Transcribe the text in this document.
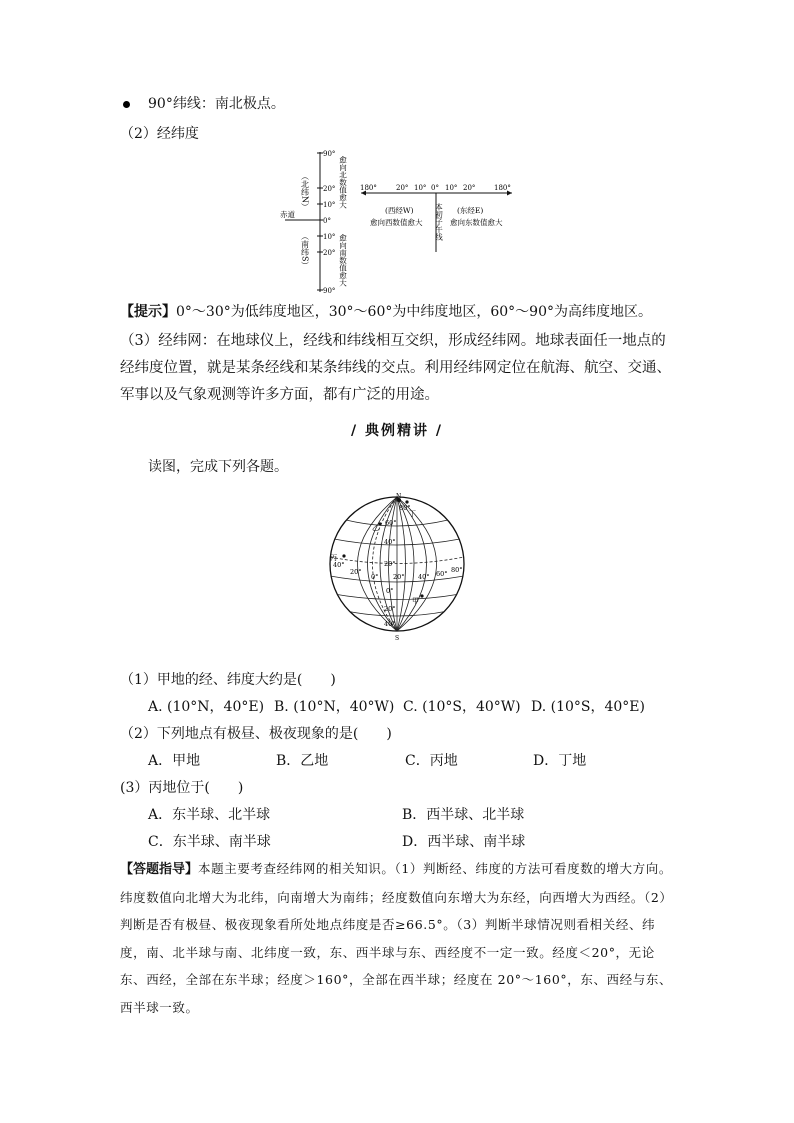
90°纬线：南北极点。
（2）经纬度
90°
20°
10°
0°
10°
20°
90°
赤道
（北纬N）
（南纬S）
愈向北数值愈大
愈向南数值愈大
180°	20° 10° 0° 10° 20°	180°
(西经W)
愈向西数值愈大
(东经E)
愈向东数值愈大
本初子午线
【提示】0°～30°为低纬度地区，30°～60°为中纬度地区，60°～90°为高纬度地区。
（3）经纬网：在地球仪上，经线和纬线相互交织，形成经纬网。地球表面任一地点的经纬度位置，就是某条经线和某条纬线的交点。利用经纬网定位在航海、航空、交通、军事以及气象观测等许多方面，都有广泛的用途。
/ 典例精讲 /
读图，完成下列各题。
N
S
80°
60°
40°
20°
0°
20°
40°
40°
20°
0° 20° 40° 60° 80°
丁
乙
丙
甲
（1）甲地的经、纬度大约是(　　)
A. (10°N，40°E) B. (10°N，40°W) C. (10°S，40°W) D. (10°S，40°E)
（2）下列地点有极昼、极夜现象的是(　　)
A．甲地	B．乙地	C．丙地	D．丁地
(3）丙地位于(　　)
A．东半球、北半球	B．西半球、北半球
C．东半球、南半球	D．西半球、南半球
【答题指导】本题主要考查经纬网的相关知识。（1）判断经、纬度的方法可看度数的增大方向。纬度数值向北增大为北纬，向南增大为南纬；经度数值向东增大为东经，向西增大为西经。（2）判断是否有极昼、极夜现象看所处地点纬度是否≥66.5°。（3）判断半球情况则看相关经、纬度，南、北半球与南、北纬度一致，东、西半球与东、西经度不一定一致。经度＜20°，无论东、西经，全部在东半球；经度＞160°，全部在西半球；经度在 20°～160°，东、西经与东、西半球一致。
